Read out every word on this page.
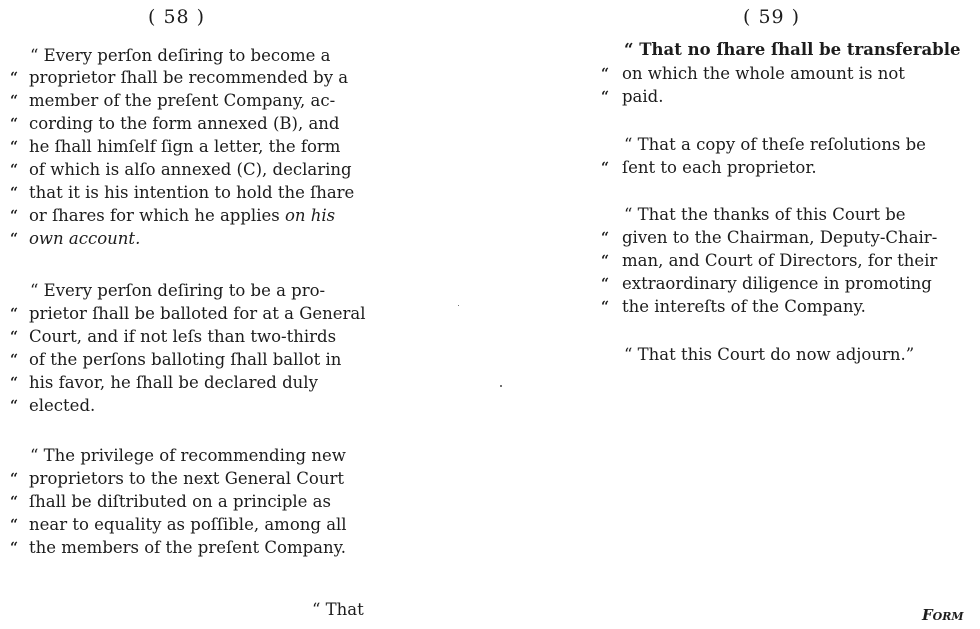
( 58 )
“ Every perſon deſiring to become a
“ proprietor ſhall be recommended by a
“ member of the preſent Company, ac-
“ cording to the form annexed (B), and
“ he ſhall himſelf ſign a letter, the form
“ of which is alſo annexed (C), declaring
“ that it is his intention to hold the ſhare
“ or ſhares for which he applies on his
“ own account.
“ Every perſon deſiring to be a pro-
“ prietor ſhall be balloted for at a General
“ Court, and if not leſs than two-thirds
“ of the perſons balloting ſhall ballot in
“ his favor, he ſhall be declared duly
“ elected.
“ The privilege of recommending new
“ proprietors to the next General Court
“ ſhall be diſtributed on a principle as
“ near to equality as poſſible, among all
“ the members of the preſent Company.
“ That
( 59 )
“ That no ſhare ſhall be transferable
“ on which the whole amount is not
“ paid.
“ That a copy of theſe reſolutions be
“ ſent to each proprietor.
“ That the thanks of this Court be
“ given to the Chairman, Deputy-Chair-
“ man, and Court of Directors, for their
“ extraordinary diligence in promoting
“ the intereſts of the Company.
“ That this Court do now adjourn.”
Form
